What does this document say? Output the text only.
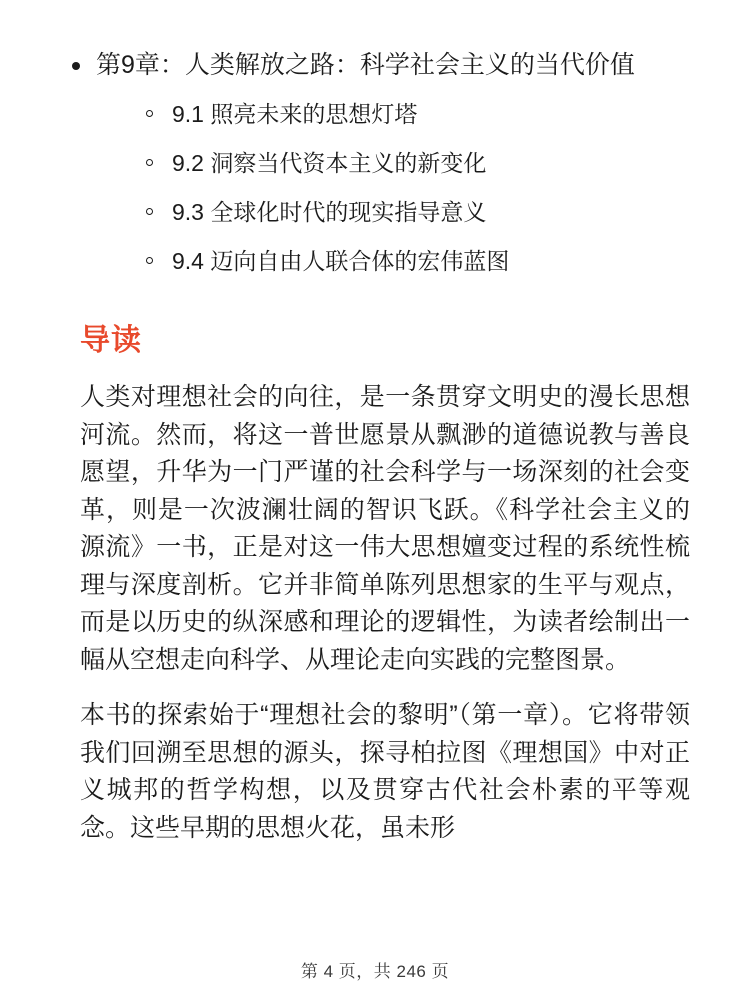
第9章：人类解放之路：科学社会主义的当代价值
9.1 照亮未来的思想灯塔
9.2 洞察当代资本主义的新变化
9.3 全球化时代的现实指导意义
9.4 迈向自由人联合体的宏伟蓝图
导读

人类对理想社会的向往，是一条贯穿文明史的漫长思想河流。然而，将这一普世愿景从飘渺的道德说教与善良愿望，升华为一门严谨的社会科学与一场深刻的社会变革，则是一次波澜壮阔的智识飞跃。《科学社会主义的源流》一书，正是对这一伟大思想嬗变过程的系统性梳理与深度剖析。它并非简单陈列思想家的生平与观点，而是以历史的纵深感和理论的逻辑性，为读者绘制出一幅从空想走向科学、从理论走向实践的完整图景。

本书的探索始于“理想社会的黎明”（第一章）。它将带领我们回溯至思想的源头，探寻柏拉图《理想国》中对正义城邦的哲学构想，以及贯穿古代社会朴素的平等观念。这些早期的思想火花，虽未形

第 4 页，共 246 页
